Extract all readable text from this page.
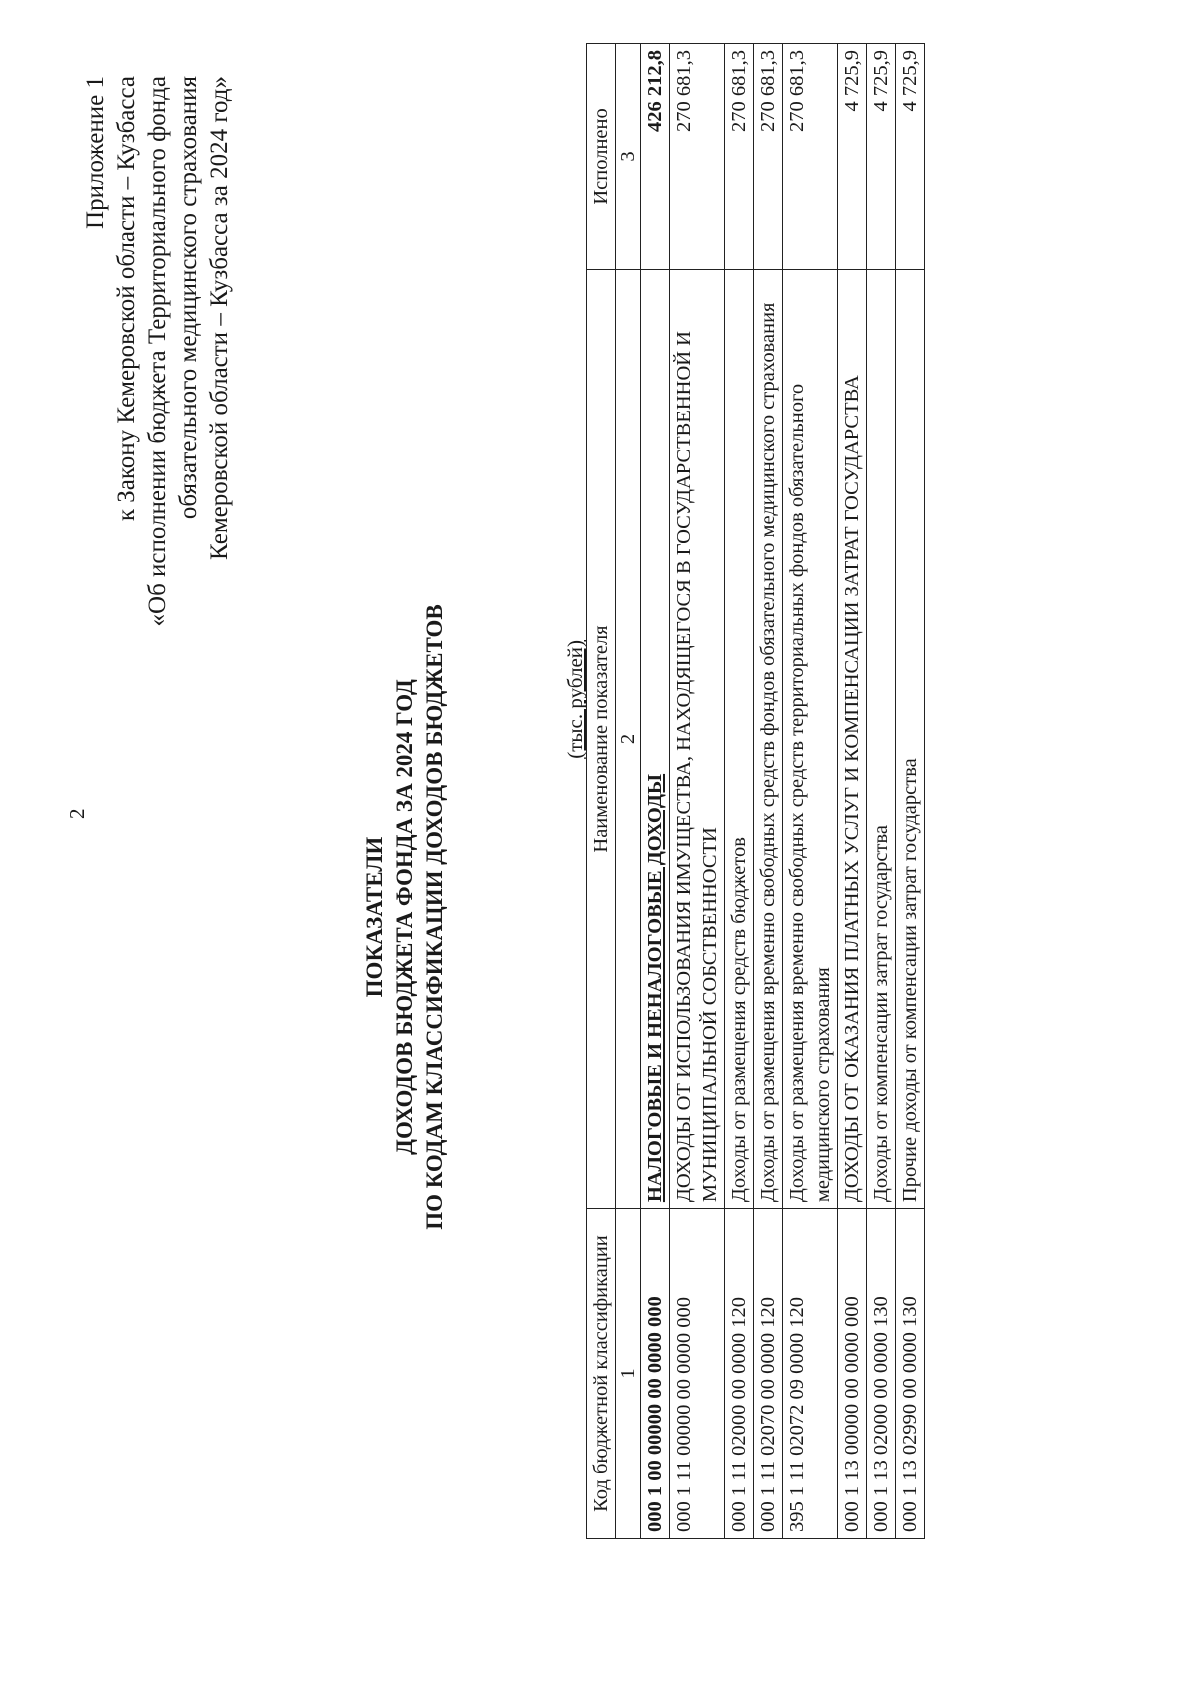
2
Приложение 1 к Закону Кемеровской области – Кузбасса «Об исполнении бюджета Территориального фонда обязательного медицинского страхования Кемеровской области – Кузбасса за 2024 год»
ПОКАЗАТЕЛИ ДОХОДОВ БЮДЖЕТА ФОНДА ЗА 2024 ГОД ПО КОДАМ КЛАССИФИКАЦИИ ДОХОДОВ БЮДЖЕТОВ	(тыс. рублей)
Код бюджетной классификации	Наименование показателя	Исполнено
1	2	3
000 1 00 00000 00 0000 000	НАЛОГОВЫЕ И НЕНАЛОГОВЫЕ ДОХОДЫ	426 212,8
000 1 11 00000 00 0000 000	ДОХОДЫ ОТ ИСПОЛЬЗОВАНИЯ ИМУЩЕСТВА, НАХОДЯЩЕГОСЯ В ГОСУДАРСТВЕННОЙ И МУНИЦИПАЛЬНОЙ СОБСТВЕННОСТИ	270 681,3
000 1 11 02000 00 0000 120	Доходы от размещения средств бюджетов	270 681,3
000 1 11 02070 00 0000 120	Доходы от размещения временно свободных средств фондов обязательного медицинского страхования	270 681,3
395 1 11 02072 09 0000 120	Доходы от размещения временно свободных средств территориальных фондов обязательного медицинского страхования	270 681,3
000 1 13 00000 00 0000 000	ДОХОДЫ ОТ ОКАЗАНИЯ ПЛАТНЫХ УСЛУГ И КОМПЕНСАЦИИ ЗАТРАТ ГОСУДАРСТВА	4 725,9
000 1 13 02000 00 0000 130	Доходы от компенсации затрат государства	4 725,9
000 1 13 02990 00 0000 130	Прочие доходы от компенсации затрат государства	4 725,9
